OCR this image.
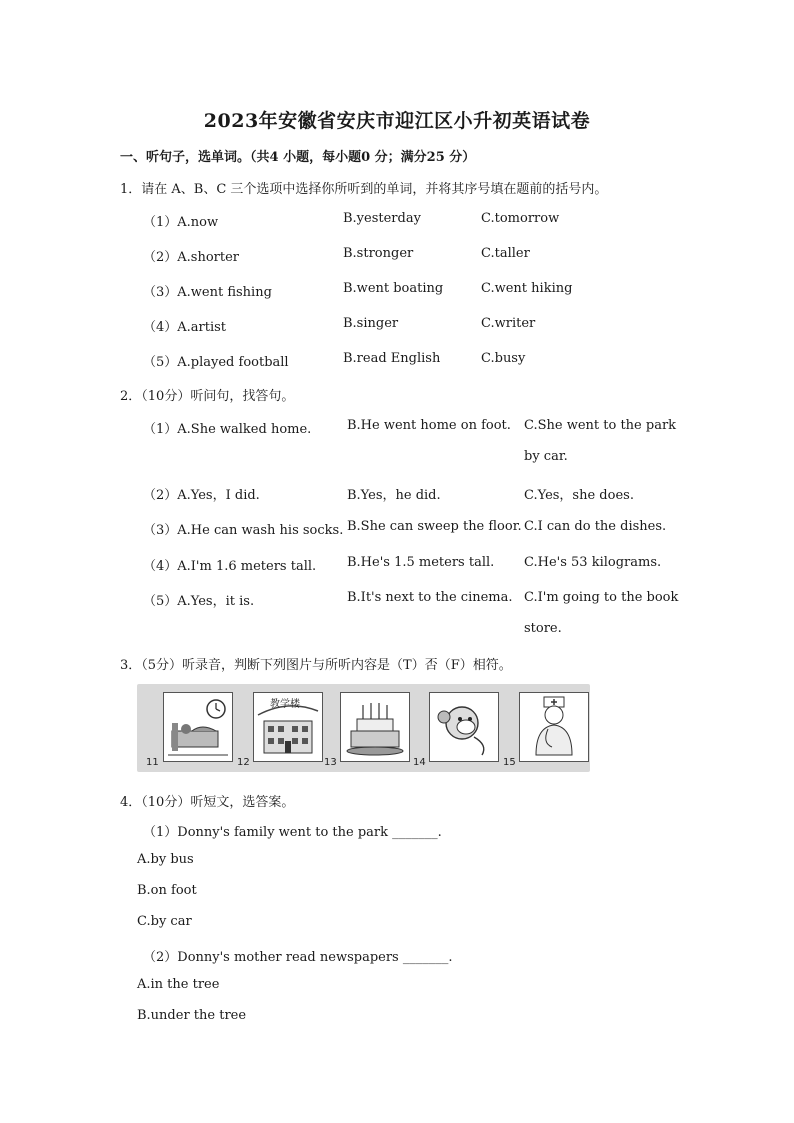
2023年安徽省安庆市迎江区小升初英语试卷
一、听句子，选单词。（共4 小题，每小题0 分；满分25 分）
1．请在 A、B、C 三个选项中选择你所听到的单词，并将其序号填在题前的括号内。
（1）A.now	B.yesterday	C.tomorrow
（2）A.shorter	B.stronger	C.taller
（3）A.went fishing	B.went boating	C.went hiking
（4）A.artist	B.singer	C.writer
（5）A.played football	B.read English	C.busy
2．（10分）听问句，找答句。
（1）A.She walked home.	B.He went home on foot. C.She went to the park
by car.
（2）A.Yes，I did.	B.Yes，he did.	C.Yes，she does.
（3）A.He can wash his socks. B.She can sweep the floor. C.I can do the dishes.
（4）A.I'm 1.6 meters tall. B.He's 1.5 meters tall. C.He's 53 kilograms.
（5）A.Yes，it is.	B.It's next to the cinema. C.I'm going to the book
store.
3．（5分）听录音，判断下列图片与所听内容是（T）否（F）相符。
11
教学楼
12	13	14	15
4．（10分）听短文，选答案。
（1）Donny's family went to the park _______.
A.by bus
B.on foot
C.by car
（2）Donny's mother read newspapers _______.
A.in the tree
B.under the tree
